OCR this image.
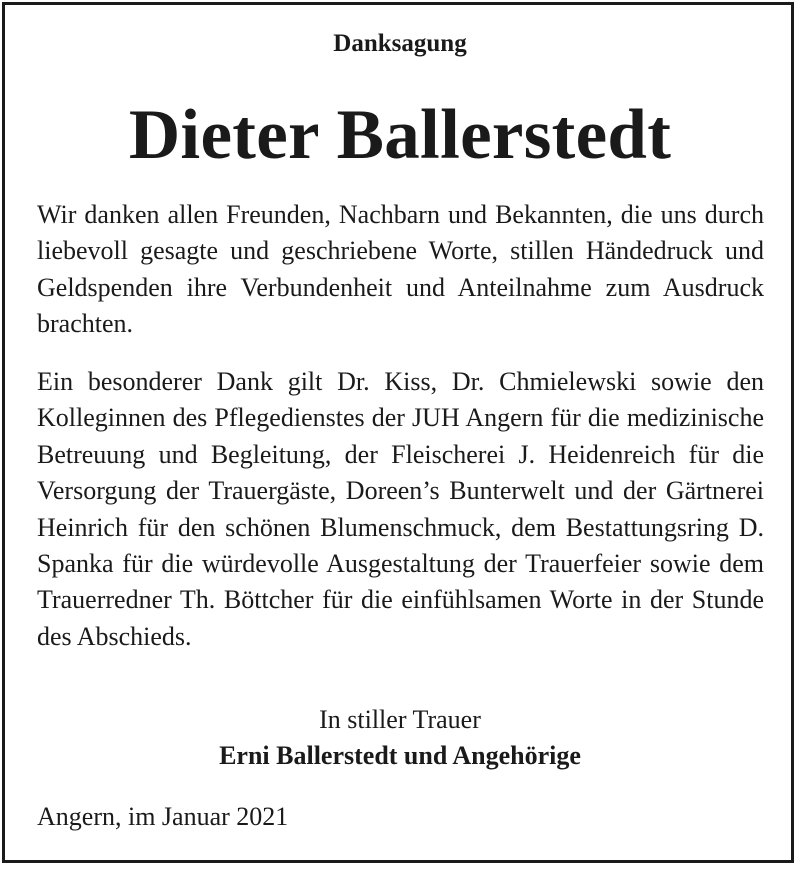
Danksagung
Dieter Ballerstedt
Wir danken allen Freunden, Nachbarn und Bekannten, die uns durch liebevoll gesagte und geschriebene Worte, stillen Händedruck und Geldspenden ihre Verbundenheit und Anteilnahme zum Ausdruck brachten.
Ein besonderer Dank gilt Dr. Kiss, Dr. Chmielewski sowie den Kolleginnen des Pflegedienstes der JUH Angern für die medizinische Betreuung und Begleitung, der Fleischerei J. Heidenreich für die Versorgung der Trauergäste, Doreen’s Bunterwelt und der Gärtnerei Heinrich für den schönen Blumenschmuck, dem Bestattungsring D. Spanka für die würdevolle Ausgestaltung der Trauerfeier sowie dem Trauerredner Th. Böttcher für die einfühlsamen Worte in der Stunde des Abschieds.
In stiller Trauer
Erni Ballerstedt und Angehörige
Angern, im Januar 2021
